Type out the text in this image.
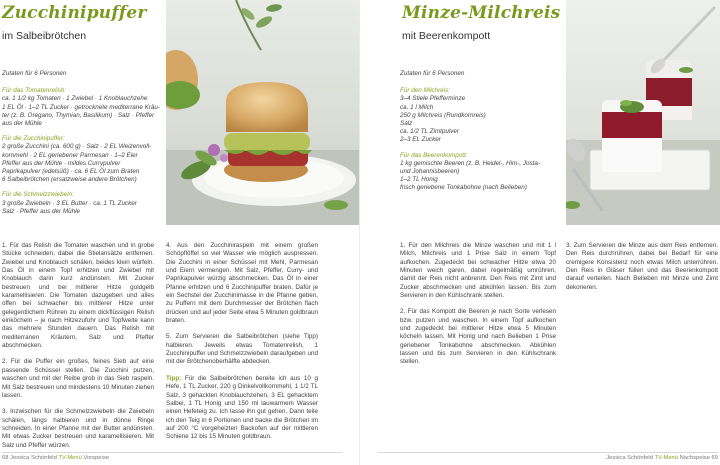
Zucchinipuffer
im Salbeibrötchen
Zutaten für 6 Personen
Für das Tomatenrelish:
ca. 1 1/2 kg Tomaten · 1 Zwiebel · 1 Knoblauchzehe
1 EL Öl · 1–2 TL Zucker · getrocknete mediterrane Kräu-
ter (z. B. Oregano, Thymian, Basilikum) · Salz · Pfeffer
aus der Mühle
Für die Zucchinipuffer:
2 große Zucchini (ca. 600 g) · Salz · 2 EL Weizenvoll-
kornmehl · 2 EL geriebener Parmesan · 1–2 Eier
Pfeffer aus der Mühle · mildes Currypulver
Paprikapulver (edelsüß) · ca. 6 EL Öl zum Braten
6 Salbeibrötchen (ersatzweise andere Brötchen)
Für die Schmelzzwiebeln:
3 große Zwiebeln · 3 EL Butter · ca. 1 TL Zucker
Salz · Pfeffer aus der Mühle

1. Für das Relish die Tomaten waschen und in grobe Stücke schneiden, dabei die Stielansätze entfernen. Zwiebel und Knoblauch schälen, beides klein würfeln. Das Öl in einem Topf erhitzen und Zwiebel mit Knoblauch darin kurz andünsten. Mit Zucker bestreuen und bei mittlerer Hitze goldgelb karamellisieren. Die Tomaten dazugeben und alles offen bei schwacher bis mittlerer Hitze unter gelegentlichem Rühren zu einem dickflüssigen Relish einköcheln – je nach Hitzezufuhr und Topfweite kann das mehrere Stunden dauern. Das Relish mit mediterranen Kräutern, Salz und Pfeffer abschmecken.

2. Für die Puffer ein großes, feines Sieb auf eine passende Schüssel stellen. Die Zucchini putzen, waschen und mit der Reibe grob in das Sieb raspeln. Mit Salz bestreuen und mindestens 10 Minuten ziehen lassen.

3. Inzwischen für die Schmelzzwiebeln die Zwiebeln schälen, längs halbieren und in dünne Ringe schneiden. In einer Pfanne mit der Butter andünsten. Mit etwas Zucker bestreuen und karamellisieren. Mit Salz und Pfeffer würzen.

4. Aus den Zucchiniraspeln mit einem großen Schöpflöffel so viel Wasser wie möglich auspressen. Die Zucchini in einer Schüssel mit Mehl, Parmesan und Eiern vermengen. Mit Salz, Pfeffer, Curry- und Paprikapulver würzig abschmecken. Das Öl in einer Pfanne erhitzen und 6 Zucchinipuffer braten. Dafür je ein Sechstel der Zucchinimasse in die Pfanne geben, zu Puffern mit dem Durchmesser der Brötchen flach drücken und auf jeder Seite etwa 5 Minuten goldbraun braten.

5. Zum Servieren die Salbeibrötchen (siehe Tipp) halbieren. Jeweils etwas Tomatenrelish, 1 Zucchinipuffer und Schmelzzwiebeln daraufgeben und mit der Brötchenoberhälfte abdecken.

Tipp: Für die Salbeibrötchen bereite ich aus 10 g Hefe, 1 TL Zucker, 220 g Dinkelvollkornmehl, 1 1/2 TL Salz, 3 gehackten Knoblauchzehen, 3 EL gehacktem Salbei, 1 TL Honig und 150 ml lauwarmem Wasser einen Hefeteig zu. Ich lasse ihn gut gehen. Dann teile ich den Teig in 6 Portionen und backe die Brötchen im auf 200 °C vorgeheizten Backofen auf der mittleren Schiene 12 bis 15 Minuten goldbraun.

68 Jessica Schönfeld TV-Menü Vorspeise
Minze-Milchreis
mit Beerenkompott
Zutaten für 6 Personen
Für den Milchreis:
3–4 Stiele Pfefferminze
ca. 1 l Milch
250 g Milchreis (Rundkornreis)
Salz
ca. 1/2 TL Zimtpulver
2–3 EL Zucker
Für das Beerenkompott:
1 kg gemischte Beeren (z. B. Heidel-, Him-, Josta-
und Johannisbeeren)
1–2 TL Honig
frisch geriebene Tonkabohne (nach Belieben)

1. Für den Milchreis die Minze waschen und mit 1 l Milch, Milchreis und 1 Prise Salz in einem Topf aufkochen. Zugedeckt bei schwacher Hitze etwa 20 Minuten weich garen, dabei regelmäßig umrühren, damit der Reis nicht anbrennt. Den Reis mit Zimt und Zucker abschmecken und abkühlen lassen. Bis zum Servieren in den Kühlschrank stellen.

2. Für das Kompott die Beeren je nach Sorte verlesen bzw. putzen und waschen. In einem Topf aufkochen und zugedeckt bei mittlerer Hitze etwa 5 Minuten köcheln lassen. Mit Honig und nach Belieben 1 Prise geriebener Tonkabohne abschmecken. Abkühlen lassen und bis zum Servieren in den Kühlschrank stellen.

3. Zum Servieren die Minze aus dem Reis entfernen. Den Reis durchrühren, dabei bei Bedarf für eine cremigere Konsistenz noch etwas Milch unterrühren. Den Reis in Gläser füllen und das Beerenkompott darauf verteilen. Nach Belieben mit Minze und Zimt dekorieren.

Jessica Schönfeld TV-Menü Nachspeise 69
